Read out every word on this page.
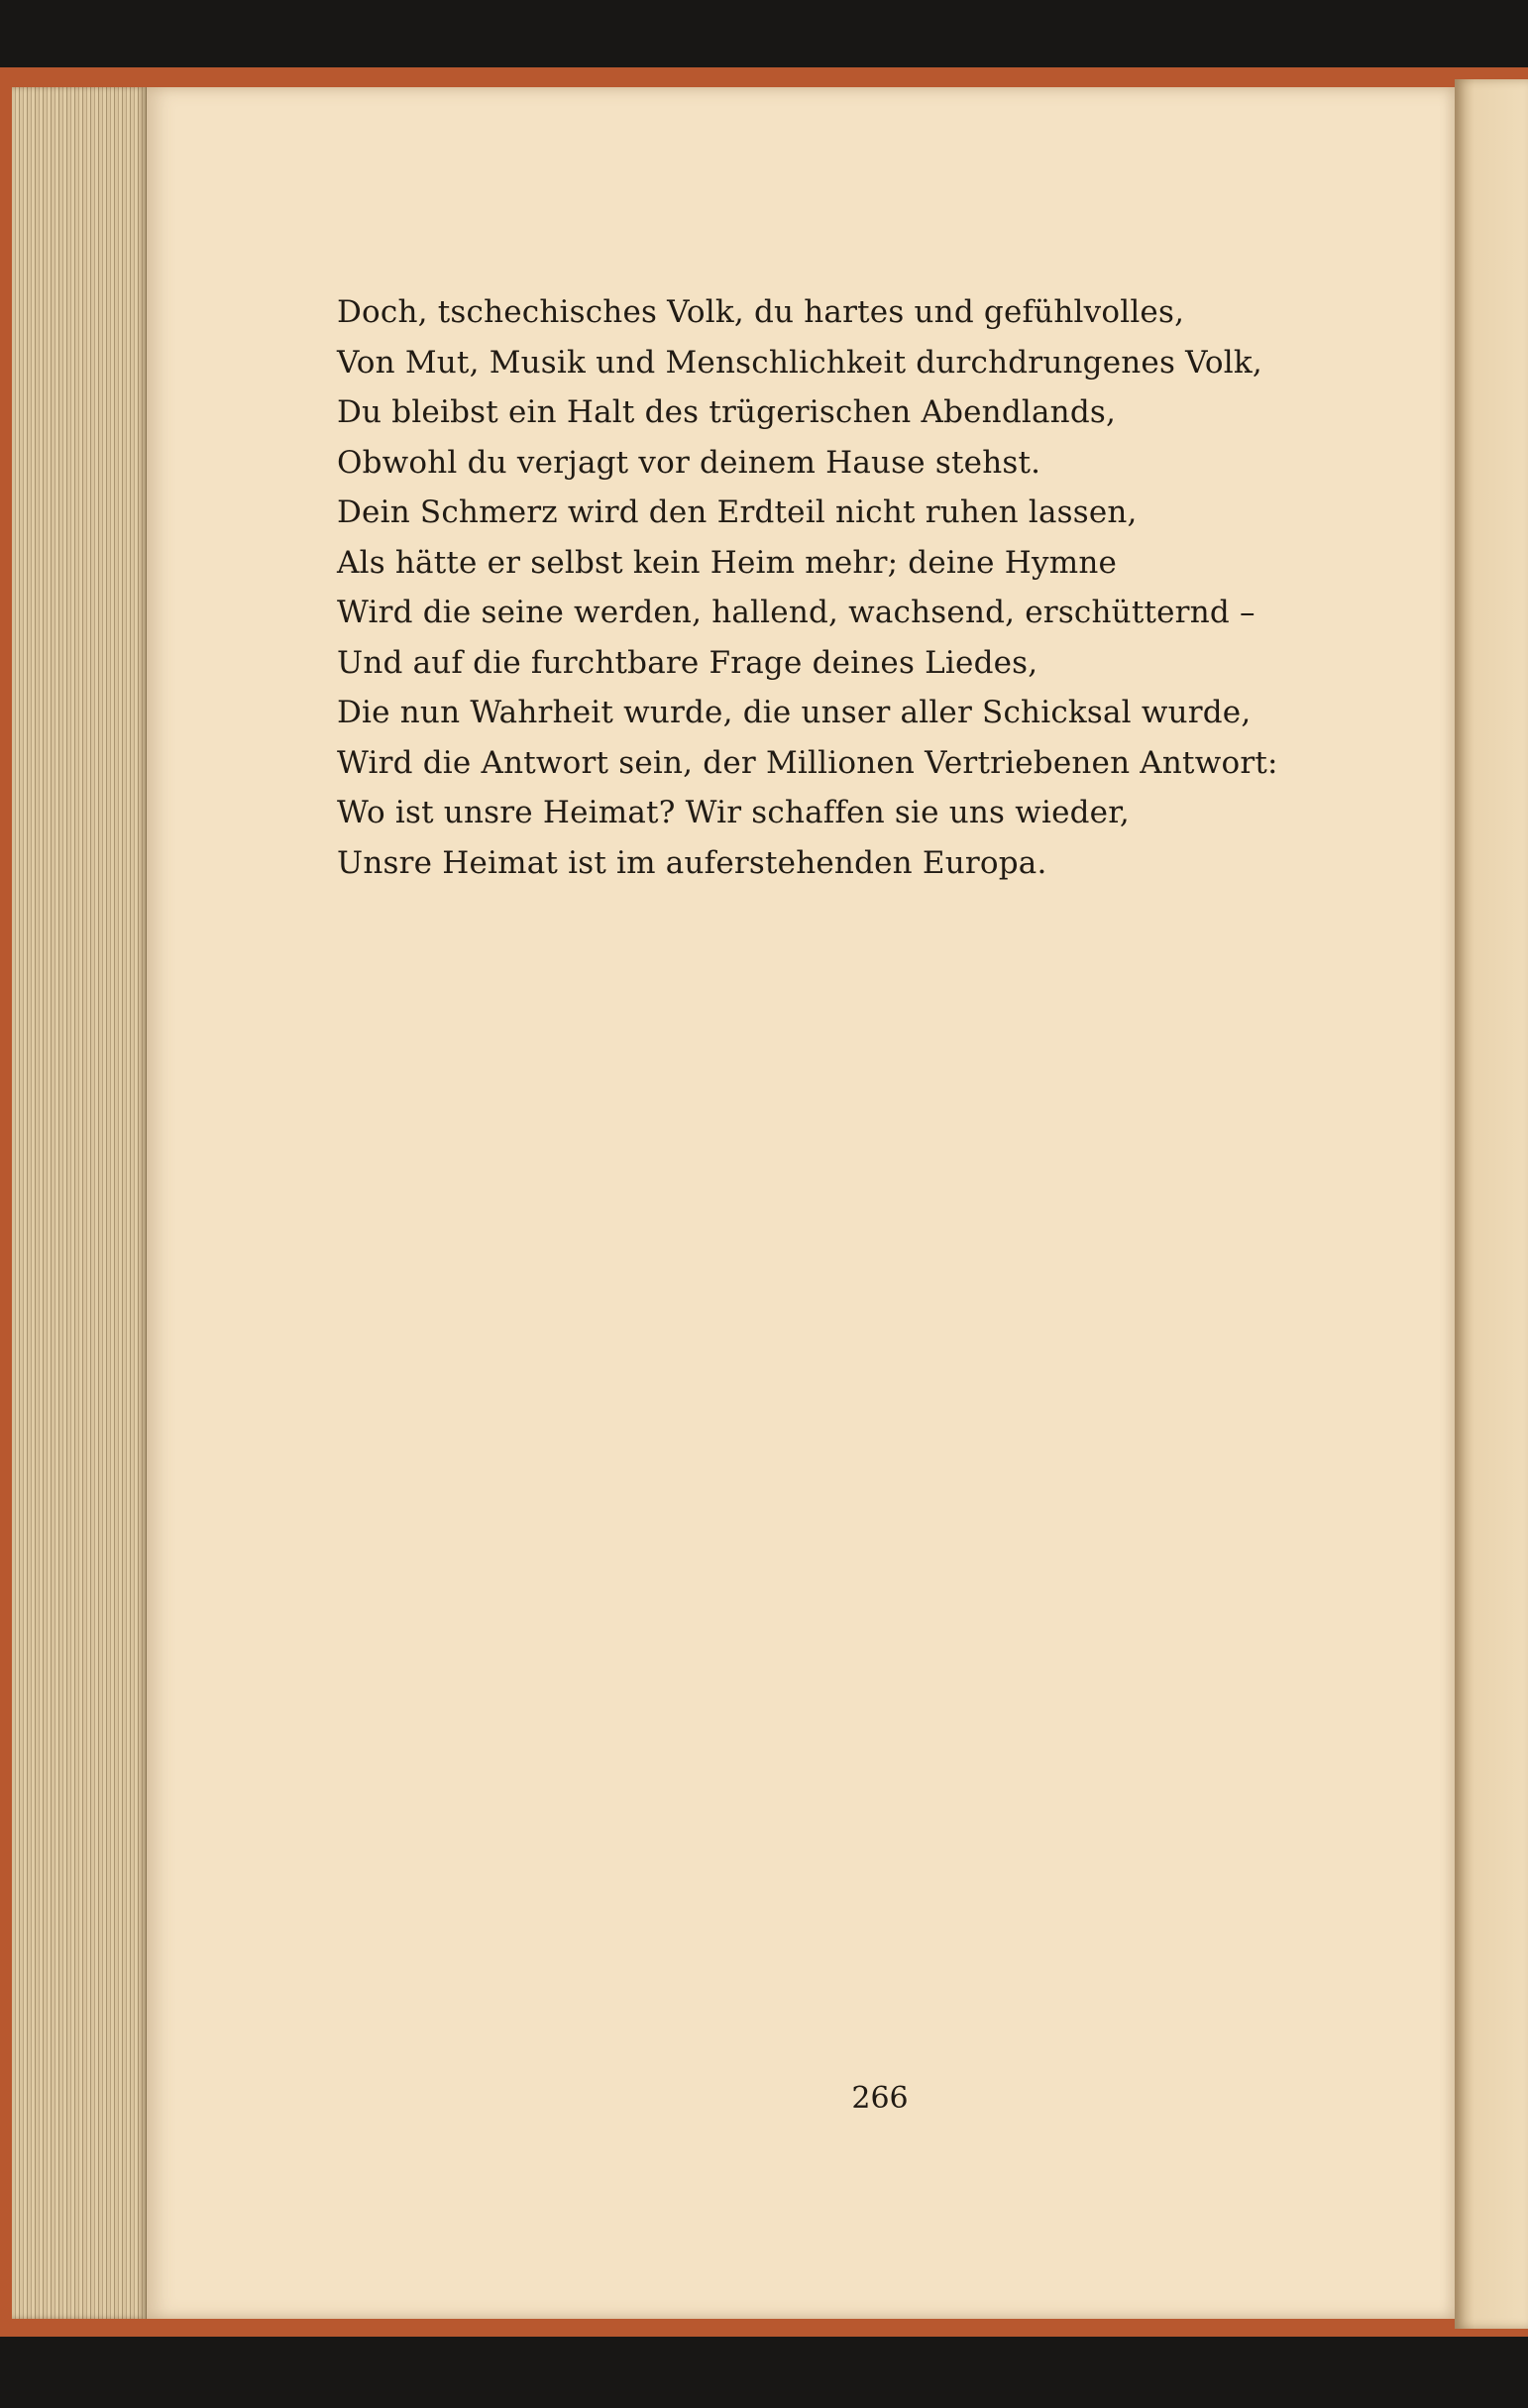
Doch, tschechisches Volk, du hartes und gefühlvolles,
Von Mut, Musik und Menschlichkeit durchdrungenes Volk,
Du bleibst ein Halt des trügerischen Abendlands,
Obwohl du verjagt vor deinem Hause stehst.
Dein Schmerz wird den Erdteil nicht ruhen lassen,
Als hätte er selbst kein Heim mehr; deine Hymne
Wird die seine werden, hallend, wachsend, erschütternd –
Und auf die furchtbare Frage deines Liedes,
Die nun Wahrheit wurde, die unser aller Schicksal wurde,
Wird die Antwort sein, der Millionen Vertriebenen Antwort:
Wo ist unsre Heimat? Wir schaffen sie uns wieder,
Unsre Heimat ist im auferstehenden Europa.
266
